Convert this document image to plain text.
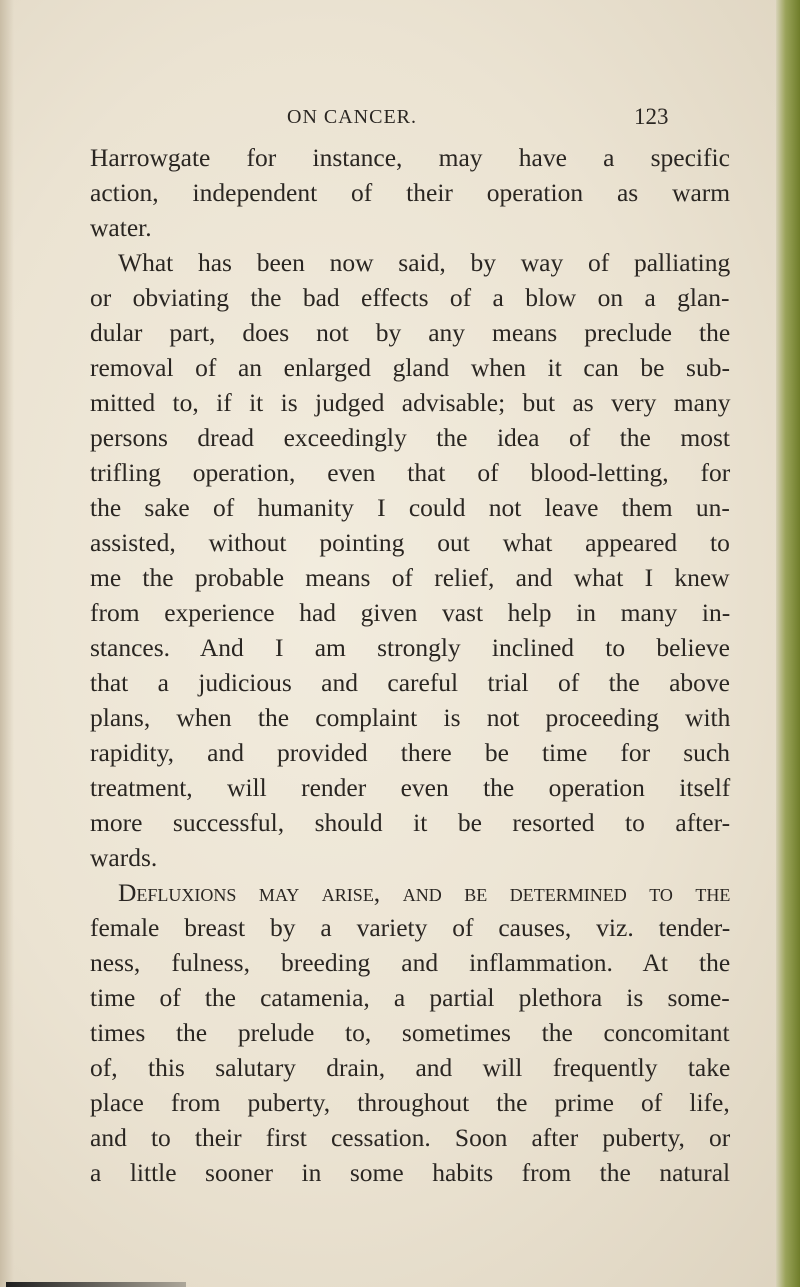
ON CANCER.	123
Harrowgate for instance, may have a specific
action, independent of their operation as warm
water.
What has been now said, by way of palliating
or obviating the bad effects of a blow on a glan-
dular part, does not by any means preclude the
removal of an enlarged gland when it can be sub-
mitted to, if it is judged advisable; but as very many
persons dread exceedingly the idea of the most
trifling operation, even that of blood-letting, for
the sake of humanity I could not leave them un-
assisted, without pointing out what appeared to
me the probable means of relief, and what I knew
from experience had given vast help in many in-
stances. And I am strongly inclined to believe
that a judicious and careful trial of the above
plans, when the complaint is not proceeding with
rapidity, and provided there be time for such
treatment, will render even the operation itself
more successful, should it be resorted to after-
wards.
Defluxions may arise, and be determined to the
female breast by a variety of causes, viz. tender-
ness, fulness, breeding and inflammation. At the
time of the catamenia, a partial plethora is some-
times the prelude to, sometimes the concomitant
of, this salutary drain, and will frequently take
place from puberty, throughout the prime of life,
and to their first cessation. Soon after puberty, or
a little sooner in some habits from the natural
